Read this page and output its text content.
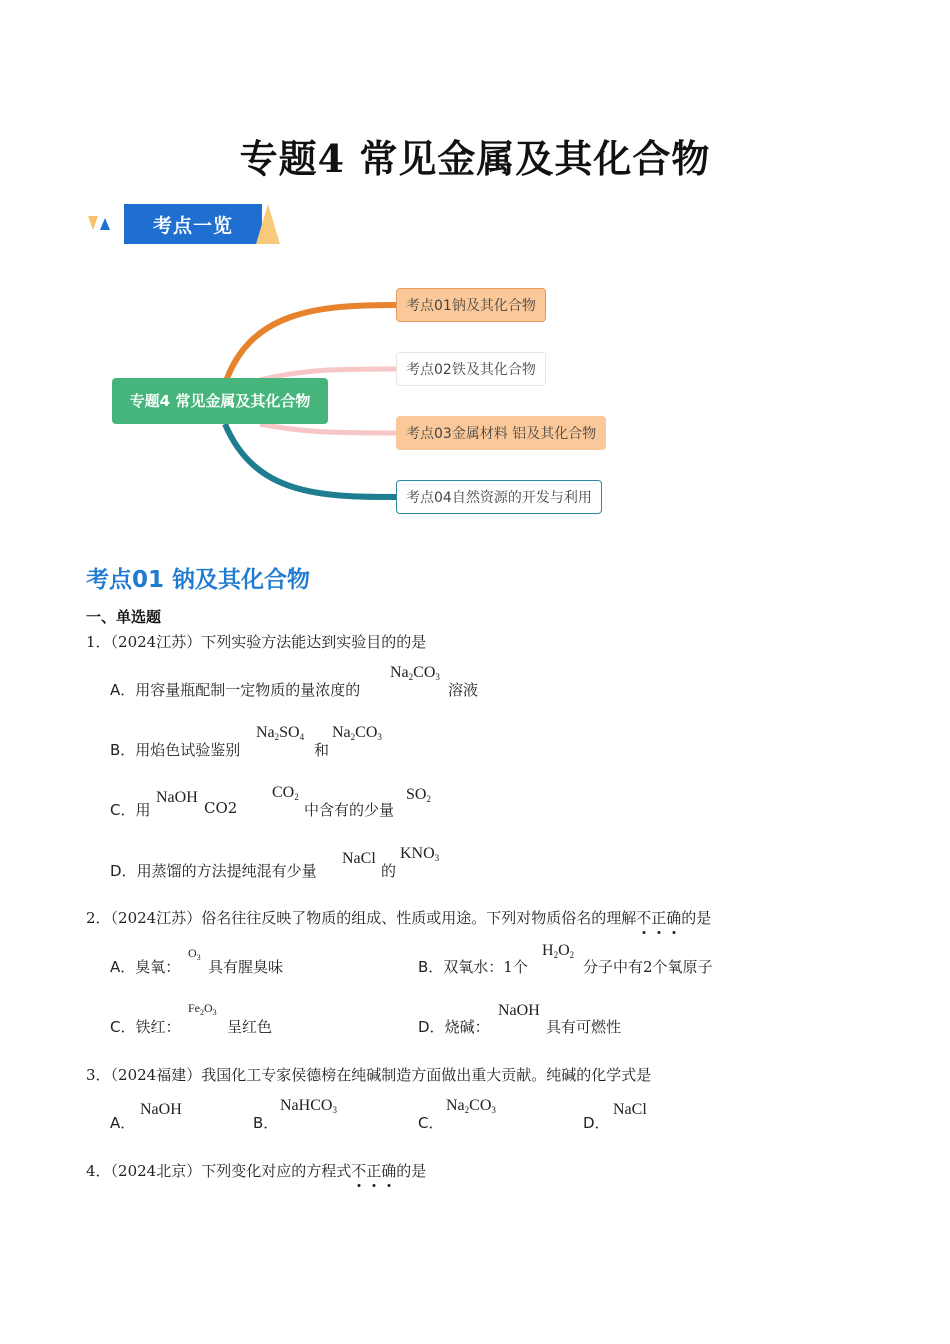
专题4 常见金属及其化合物
考点一览
专题4 常见金属及其化合物
考点01钠及其化合物
考点02铁及其化合物
考点03金属材料 铝及其化合物
考点04自然资源的开发与利用
考点01 钠及其化合物
一、单选题
1．（2024江苏）下列实验方法能达到实验目的的是
A．用容量瓶配制一定物质的量浓度的
$Na_2CO_3$
溶液
B．用焰色试验鉴别
$Na_2SO_4$
和
$Na_2CO_3$
C．用
NaOH
CO2
$CO_2$
中含有的少量
$SO_2$
D．用蒸馏的方法提纯混有少量
NaCl
的
$KNO_3$
2．（2024江苏）俗名往往反映了物质的组成、性质或用途。下列对物质俗名的理解不正确的是
A．臭氧：
$O_3$
具有腥臭味	B．双氧水：1个
$H_2O_2$
分子中有2个氧原子
C．铁红：
$Fe_2O_3$
呈红色	D．烧碱：
NaOH
具有可燃性
3．（2024福建）我国化工专家侯德榜在纯碱制造方面做出重大贡献。纯碱的化学式是
A．
NaOH
B．
NaHCO$_3$
C．
$Na_2CO_3$
D．
NaCl
4．（2024北京）下列变化对应的方程式不正确的是
